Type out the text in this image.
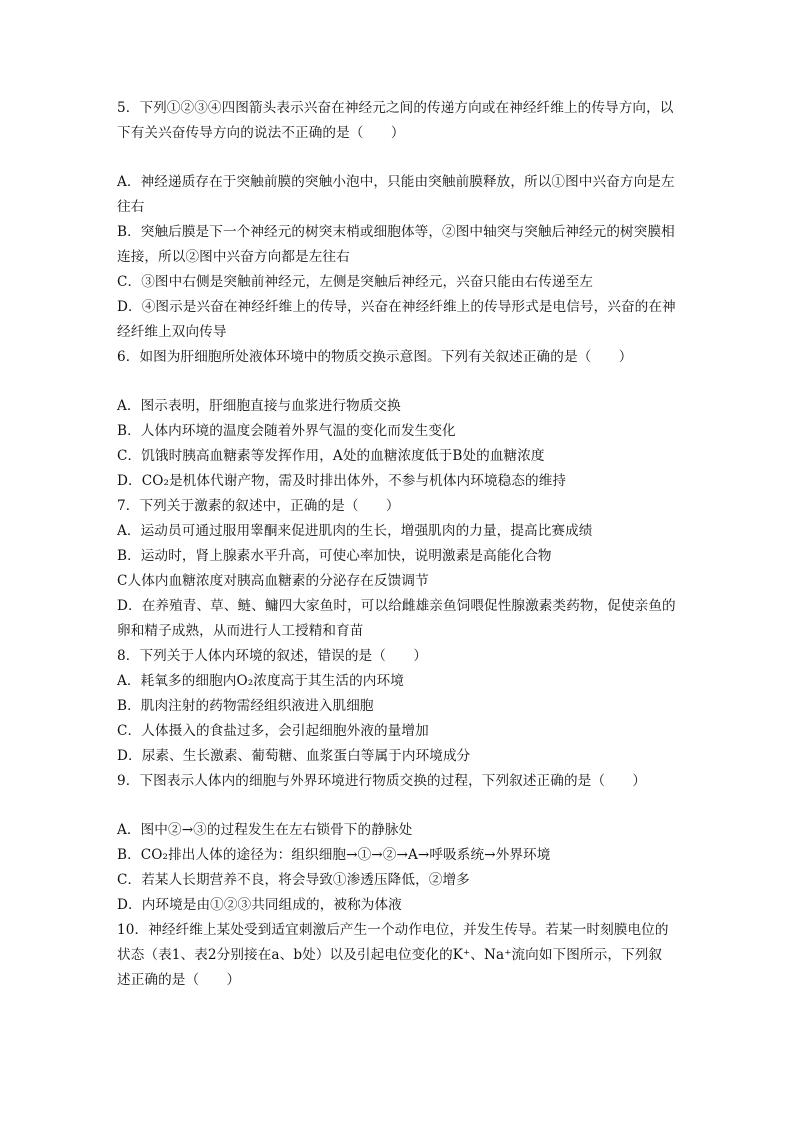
5．下列①②③④四图箭头表示兴奋在神经元之间的传递方向或在神经纤维上的传导方向，以
下有关兴奋传导方向的说法不正确的是（　　）
A．神经递质存在于突触前膜的突触小泡中，只能由突触前膜释放，所以①图中兴奋方向是左
往右
B．突触后膜是下一个神经元的树突末梢或细胞体等，②图中轴突与突触后神经元的树突膜相
连接，所以②图中兴奋方向都是左往右
C．③图中右侧是突触前神经元，左侧是突触后神经元，兴奋只能由右传递至左
D．④图示是兴奋在神经纤维上的传导，兴奋在神经纤维上的传导形式是电信号，兴奋的在神
经纤维上双向传导
6．如图为肝细胞所处液体环境中的物质交换示意图。下列有关叙述正确的是（　　）
A．图示表明，肝细胞直接与血浆进行物质交换
B．人体内环境的温度会随着外界气温的变化而发生变化
C．饥饿时胰高血糖素等发挥作用，A处的血糖浓度低于B处的血糖浓度
D．CO₂是机体代谢产物，需及时排出体外，不参与机体内环境稳态的维持
7．下列关于激素的叙述中，正确的是（　　）
A．运动员可通过服用睾酮来促进肌肉的生长，增强肌肉的力量，提高比赛成绩
B．运动时，肾上腺素水平升高，可使心率加快，说明激素是高能化合物
C人体内血糖浓度对胰高血糖素的分泌存在反馈调节
D．在养殖青、草、鲢、鳙四大家鱼时，可以给雌雄亲鱼饲喂促性腺激素类药物，促使亲鱼的
卵和精子成熟，从而进行人工授精和育苗
8．下列关于人体内环境的叙述，错误的是（　　）
A．耗氧多的细胞内O₂浓度高于其生活的内环境
B．肌肉注射的药物需经组织液进入肌细胞
C．人体摄入的食盐过多，会引起细胞外液的量增加
D．尿素、生长激素、葡萄糖、血浆蛋白等属于内环境成分
9．下图表示人体内的细胞与外界环境进行物质交换的过程，下列叙述正确的是（　　）
A．图中②→③的过程发生在左右锁骨下的静脉处
B．CO₂排出人体的途径为：组织细胞→①→②→A→呼吸系统→外界环境
C．若某人长期营养不良，将会导致①渗透压降低，②增多
D．内环境是由①②③共同组成的，被称为体液
10．神经纤维上某处受到适宜刺激后产生一个动作电位，并发生传导。若某一时刻膜电位的
状态（表1、表2分别接在a、b处）以及引起电位变化的K⁺、Na⁺流向如下图所示，下列叙
述正确的是（　　）
